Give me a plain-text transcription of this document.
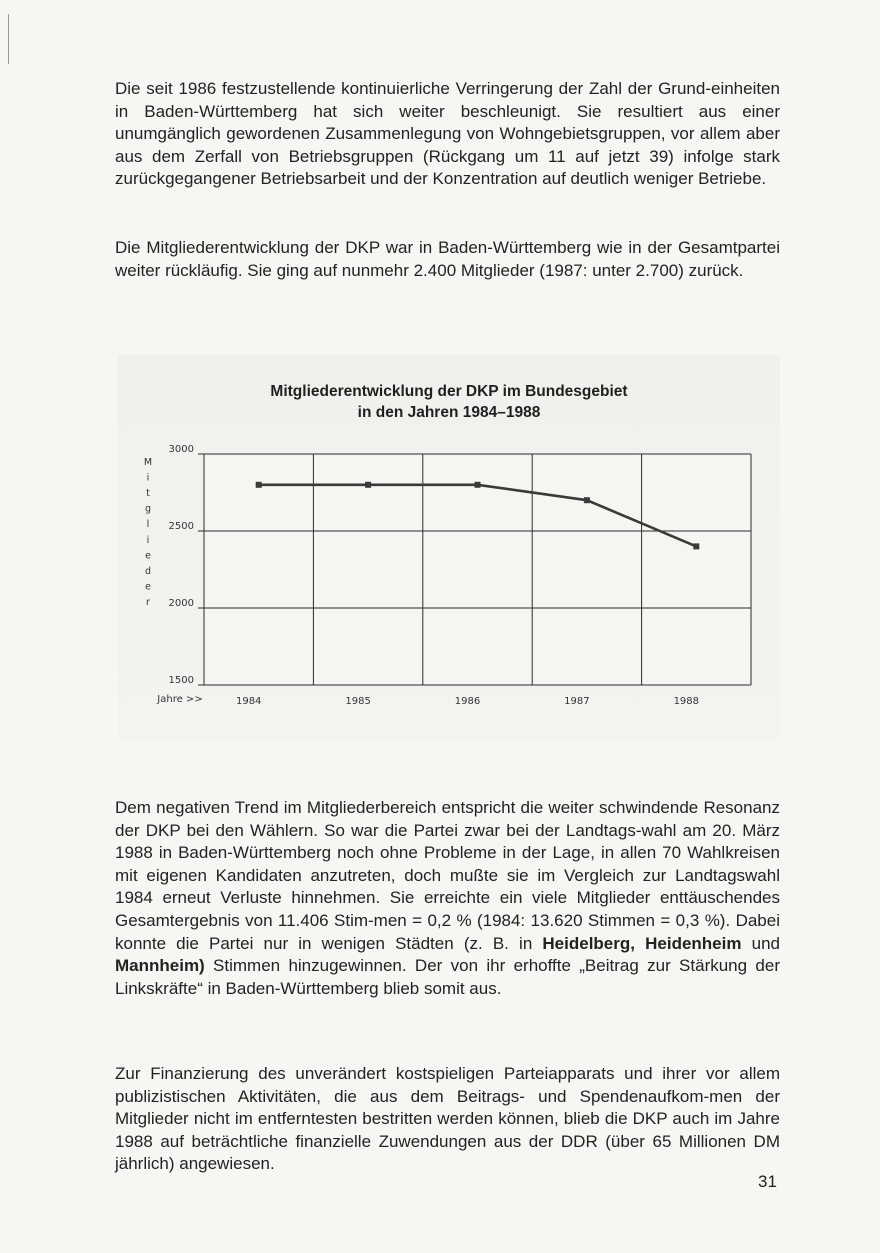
Die seit 1986 festzustellende kontinuierliche Verringerung der Zahl der Grund-einheiten in Baden-Württemberg hat sich weiter beschleunigt. Sie resultiert aus einer unumgänglich gewordenen Zusammenlegung von Wohngebietsgruppen, vor allem aber aus dem Zerfall von Betriebsgruppen (Rückgang um 11 auf jetzt 39) infolge stark zurückgegangener Betriebsarbeit und der Konzentration auf deutlich weniger Betriebe.

Die Mitgliederentwicklung der DKP war in Baden-Württemberg wie in der Gesamtpartei weiter rückläufig. Sie ging auf nunmehr 2.400 Mitglieder (1987: unter 2.700) zurück.

Mitgliederentwicklung der DKP im Bundesgebiet
in den Jahren 1984–1988
3000
2500
2000
1500
1984	1985	1986	1987	1988
Jahre >>
M
i
t
g
l
i
e
d
e
r

Dem negativen Trend im Mitgliederbereich entspricht die weiter schwindende Resonanz der DKP bei den Wählern. So war die Partei zwar bei der Landtags-wahl am 20. März 1988 in Baden-Württemberg noch ohne Probleme in der Lage, in allen 70 Wahlkreisen mit eigenen Kandidaten anzutreten, doch mußte sie im Vergleich zur Landtagswahl 1984 erneut Verluste hinnehmen. Sie erreichte ein viele Mitglieder enttäuschendes Gesamtergebnis von 11.406 Stim-men = 0,2 % (1984: 13.620 Stimmen = 0,3 %). Dabei konnte die Partei nur in wenigen Städten (z. B. in Heidelberg, Heidenheim und Mannheim) Stimmen hinzugewinnen. Der von ihr erhoffte „Beitrag zur Stärkung der Linkskräfte“ in Baden-Württemberg blieb somit aus.

Zur Finanzierung des unverändert kostspieligen Parteiapparats und ihrer vor allem publizistischen Aktivitäten, die aus dem Beitrags- und Spendenaufkom-men der Mitglieder nicht im entferntesten bestritten werden können, blieb die DKP auch im Jahre 1988 auf beträchtliche finanzielle Zuwendungen aus der DDR (über 65 Millionen DM jährlich) angewiesen.

31
